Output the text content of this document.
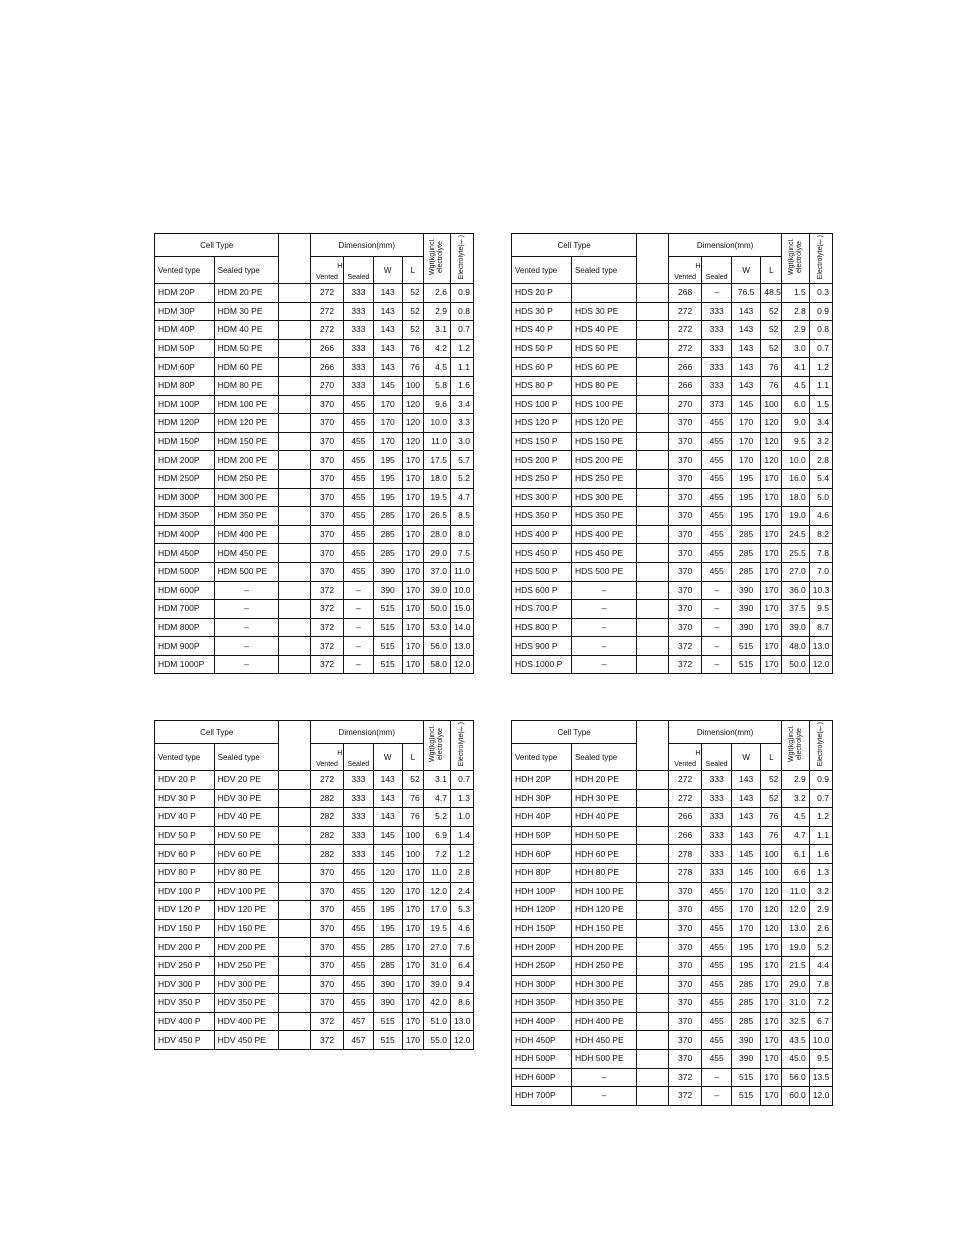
Cell Type			Dimension(mm)				Wgt(kg)incl. electrolyte	Electrolyte(ℓ)
Vented type	Sealed type		H
Vented	Sealed	W	L		
HDM 20P	HDM 20 PE		272	333	143	52	2.6	0.9
HDM 30P	HDM 30 PE		272	333	143	52	2.9	0.8
HDM 40P	HDM 40 PE		272	333	143	52	3.1	0.7
HDM 50P	HDM 50 PE		266	333	143	76	4.2	1.2
HDM 60P	HDM 60 PE		266	333	143	76	4.5	1.1
HDM 80P	HDM 80 PE		270	333	145	100	5.8	1.6
HDM 100P	HDM 100 PE		370	455	170	120	9.6	3.4
HDM 120P	HDM 120 PE		370	455	170	120	10.0	3.3
HDM 150P	HDM 150 PE		370	455	170	120	11.0	3.0
HDM 200P	HDM 200 PE		370	455	195	170	17.5	5.7
HDM 250P	HDM 250 PE		370	455	195	170	18.0	5.2
HDM 300P	HDM 300 PE		370	455	195	170	19.5	4.7
HDM 350P	HDM 350 PE		370	455	285	170	26.5	8.5
HDM 400P	HDM 400 PE		370	455	285	170	28.0	8.0
HDM 450P	HDM 450 PE		370	455	285	170	29.0	7.5
HDM 500P	HDM 500 PE		370	455	390	170	37.0	11.0
HDM 600P	–		372	–	390	170	39.0	10.0
HDM 700P	–		372	–	515	170	50.0	15.0
HDM 800P	–		372	–	515	170	53.0	14.0
HDM 900P	–		372	–	515	170	56.0	13.0
HDM 1000P	–		372	–	515	170	58.0	12.0
Cell Type			Dimension(mm)				Wgt(kg)incl. electrolyte	Electrolyte(ℓ)
Vented type	Sealed type		H
Vented	Sealed	W	L		
HDS 20 P			268	–	76.5	48.5	1.5	0.3
HDS 30 P	HDS 30 PE		272	333	143	52	2.8	0.9
HDS 40 P	HDS 40 PE		272	333	143	52	2.9	0.8
HDS 50 P	HDS 50 PE		272	333	143	52	3.0	0.7
HDS 60 P	HDS 60 PE		266	333	143	76	4.1	1.2
HDS 80 P	HDS 80 PE		266	333	143	76	4.5	1.1
HDS 100 P	HDS 100 PE		270	373	145	100	6.0	1.5
HDS 120 P	HDS 120 PE		370	455	170	120	9.0	3.4
HDS 150 P	HDS 150 PE		370	455	170	120	9.5	3.2
HDS 200 P	HDS 200 PE		370	455	170	120	10.0	2.8
HDS 250 P	HDS 250 PE		370	455	195	170	16.0	5.4
HDS 300 P	HDS 300 PE		370	455	195	170	18.0	5.0
HDS 350 P	HDS 350 PE		370	455	195	170	19.0	4.6
HDS 400 P	HDS 400 PE		370	455	285	170	24.5	8.2
HDS 450 P	HDS 450 PE		370	455	285	170	25.5	7.8
HDS 500 P	HDS 500 PE		370	455	285	170	27.0	7.0
HDS 600 P	–		370	–	390	170	36.0	10.3
HDS 700 P	–		370	–	390	170	37.5	9.5
HDS 800 P	–		370	–	390	170	39.0	8.7
HDS 900 P	–		372	–	515	170	48.0	13.0
HDS 1000 P	–		372	–	515	170	50.0	12.0
Cell Type			Dimension(mm)				Wgt(kg)incl. electrolyte	Electrolyte(ℓ)
Vented type	Sealed type		H
Vented	Sealed	W	L		
HDV 20 P	HDV 20 PE		272	333	143	52	3.1	0.7
HDV 30 P	HDV 30 PE		282	333	143	76	4.7	1.3
HDV 40 P	HDV 40 PE		282	333	143	76	5.2	1.0
HDV 50 P	HDV 50 PE		282	333	145	100	6.9	1.4
HDV 60 P	HDV 60 PE		282	333	145	100	7.2	1.2
HDV 80 P	HDV 80 PE		370	455	120	170	11.0	2.8
HDV 100 P	HDV 100 PE		370	455	120	170	12.0	2.4
HDV 120 P	HDV 120 PE		370	455	195	170	17.0	5.3
HDV 150 P	HDV 150 PE		370	455	195	170	19.5	4.6
HDV 200 P	HDV 200 PE		370	455	285	170	27.0	7.6
HDV 250 P	HDV 250 PE		370	455	285	170	31.0	6.4
HDV 300 P	HDV 300 PE		370	455	390	170	39.0	9.4
HDV 350 P	HDV 350 PE		370	455	390	170	42.0	8.6
HDV 400 P	HDV 400 PE		372	457	515	170	51.0	13.0
HDV 450 P	HDV 450 PE		372	457	515	170	55.0	12.0
Cell Type			Dimension(mm)				Wgt(kg)incl. electrolyte	Electrolyte(ℓ)
Vented type	Sealed type		H
Vented	Sealed	W	L		
HDH 20P	HDH 20 PE		272	333	143	52	2.9	0.9
HDH 30P	HDH 30 PE		272	333	143	52	3.2	0.7
HDH 40P	HDH 40 PE		266	333	143	76	4.5	1.2
HDH 50P	HDH 50 PE		266	333	143	76	4.7	1.1
HDH 60P	HDH 60 PE		278	333	145	100	6.1	1.6
HDH 80P	HDH 80 PE		278	333	145	100	6.6	1.3
HDH 100P	HDH 100 PE		370	455	170	120	11.0	3.2
HDH 120P	HDH 120 PE		370	455	170	120	12.0	2.9
HDH 150P	HDH 150 PE		370	455	170	120	13.0	2.6
HDH 200P	HDH 200 PE		370	455	195	170	19.0	5.2
HDH 250P	HDH 250 PE		370	455	195	170	21.5	4.4
HDH 300P	HDH 300 PE		370	455	285	170	29.0	7.8
HDH 350P	HDH 350 PE		370	455	285	170	31.0	7.2
HDH 400P	HDH 400 PE		370	455	285	170	32.5	6.7
HDH 450P	HDH 450 PE		370	455	390	170	43.5	10.0
HDH 500P	HDH 500 PE		370	455	390	170	45.0	9.5
HDH 600P	–		372	–	515	170	56.0	13.5
HDH 700P	–		372	–	515	170	60.0	12.0
